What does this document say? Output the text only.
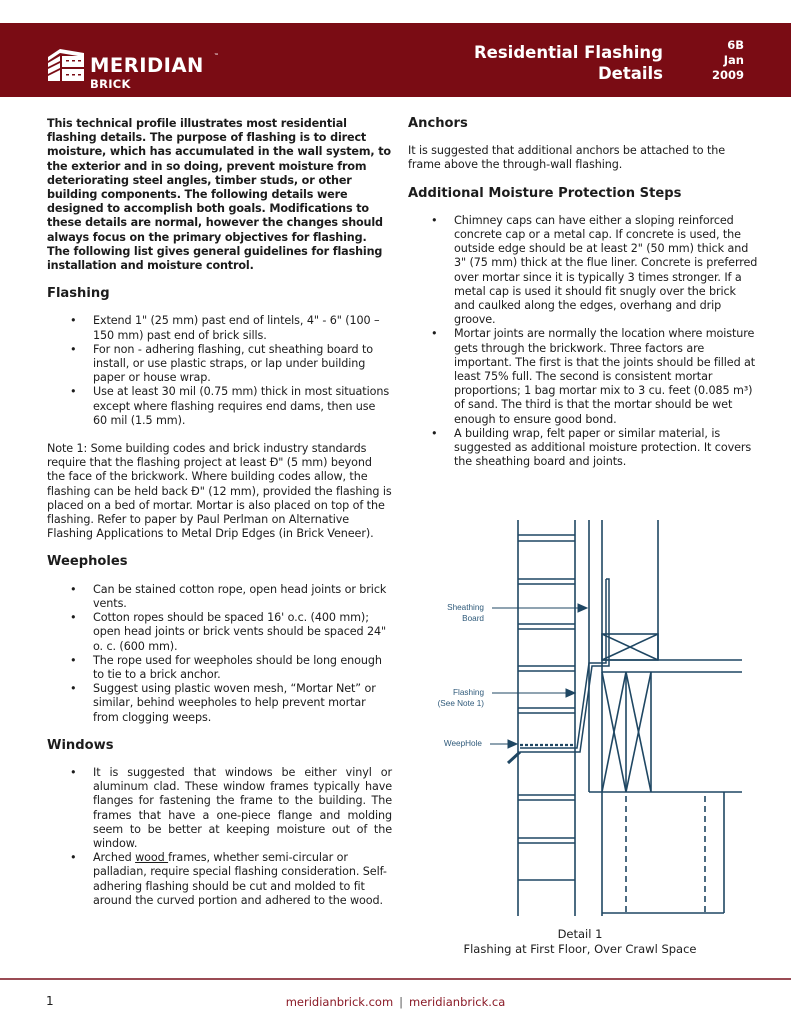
MERIDIAN ™
BRICK
Residential Flashing
Details
6B
Jan
2009

This technical profile illustrates most residential flashing details. The purpose of flashing is to direct moisture, which has accumulated in the wall system, to the exterior and in so doing, prevent moisture from deteriorating steel angles, timber studs, or other building components. The following details were designed to accomplish both goals. Modifications to these details are normal, however the changes should always focus on the primary objectives for flashing. The following list gives general guidelines for flashing installation and moisture control.

Flashing
• Extend 1" (25 mm) past end of lintels, 4" - 6" (100 – 150 mm) past end of brick sills.
• For non - adhering flashing, cut sheathing board to install, or use plastic straps, or lap under building paper or house wrap.
• Use at least 30 mil (0.75 mm) thick in most situations except where flashing requires end dams, then use 60 mil (1.5 mm).

Note 1: Some building codes and brick industry standards require that the flashing project at least Ð" (5 mm) beyond the face of the brickwork. Where building codes allow, the flashing can be held back Ð" (12 mm), provided the flashing is placed on a bed of mortar. Mortar is also placed on top of the flashing. Refer to paper by Paul Perlman on Alternative Flashing Applications to Metal Drip Edges (in Brick Veneer).

Weepholes
• Can be stained cotton rope, open head joints or brick vents.
• Cotton ropes should be spaced 16' o.c. (400 mm); open head joints or brick vents should be spaced 24" o. c. (600 mm).
• The rope used for weepholes should be long enough to tie to a brick anchor.
• Suggest using plastic woven mesh, “Mortar Net” or similar, behind weepholes to help prevent mortar from clogging weeps.
Windows
• It is suggested that windows be either vinyl or aluminum clad. These window frames typically have flanges for fastening the frame to the building. The frames that have a one-piece flange and molding seem to be better at keeping moisture out of the window.
• Arched wood frames, whether semi-circular or palladian, require special flashing consideration. Self-adhering flashing should be cut and molded to fit around the curved portion and adhered to the wood.
Anchors

It is suggested that additional anchors be attached to the frame above the through-wall flashing.

Additional Moisture Protection Steps
• Chimney caps can have either a sloping reinforced concrete cap or a metal cap. If concrete is used, the outside edge should be at least 2" (50 mm) thick and 3" (75 mm) thick at the flue liner. Concrete is preferred over mortar since it is typically 3 times stronger. If a metal cap is used it should fit snugly over the brick and caulked along the edges, overhang and drip groove.
• Mortar joints are normally the location where moisture gets through the brickwork. Three factors are important. The first is that the joints should be filled at least 75% full. The second is consistent mortar proportions; 1 bag mortar mix to 3 cu. feet (0.085 m³) of sand. The third is that the mortar should be wet enough to ensure good bond.
• A building wrap, felt paper or similar material, is suggested as additional moisture protection. It covers the sheathing board and joints.
Sheathing
Board
Flashing
(See Note 1)
WeepHole
Detail 1
Flashing at First Floor, Over Crawl Space
1	meridianbrick.com | meridianbrick.ca
